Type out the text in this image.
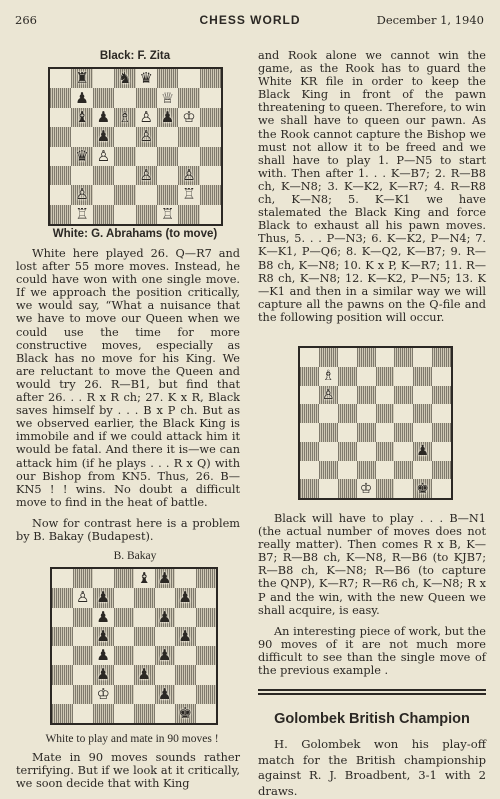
266	CHESS WORLD	December 1, 1940
Black: F. Zita
♜ ♞ ♛
♟	♕
♝ ♟ ♗ ♙ ♟ ♔
♟ ♙
♛ ♙
♙ ♙
♙	♖
♖	♖
White: G. Abrahams (to move)

White here played 26. Q—R7 and lost after 55 more moves. Instead, he could have won with one single move. If we approach the position critically, we would say, “What a nuisance that we have to move our Queen when we could use the time for more constructive moves, especially as Black has no move for his King. We are reluctant to move the Queen and would try 26. R—B1, but find that after 26. . . R x R ch; 27. K x R, Black saves himself by . . . B x P ch. But as we observed earlier, the Black King is immobile and if we could attack him it would be fatal. And there it is—we can attack him (if he plays . . . R x Q) with our Bishop from KN5. Thus, 26. B—KN5 ! ! wins. No doubt a difficult move to find in the heat of battle.

Now for contrast here is a problem by B. Bakay (Budapest).

B. Bakay
♝ ♟
♙ ♟	♟
♟	♟
♟	♟
♟	♟
♟ ♟
♔	♟
♚
White to play and mate in 90 moves !

Mate in 90 moves sounds rather terrifying. But if we look at it critically, we soon decide that with King

and Rook alone we cannot win the game, as the Rook has to guard the White KR file in order to keep the Black King in front of the pawn threatening to queen. Therefore, to win we shall have to queen our pawn. As the Rook cannot capture the Bishop we must not allow it to be freed and we shall have to play 1. P—N5 to start with. Then after 1. . . K—B7; 2. R—B8 ch, K—N8; 3. K—K2, K—R7; 4. R—R8 ch, K—N8; 5. K—K1 we have stalemated the Black King and force Black to exhaust all his pawn moves. Thus, 5. . . P—N3; 6. K—K2, P—N4; 7. K—K1, P—Q6; 8. K—Q2, K—B7; 9. R—B8 ch, K—N8; 10. K x P, K—R7; 11. R—R8 ch, K—N8; 12. K—K2, P—N5; 13. K—K1 and then in a similar way we will capture all the pawns on the Q-file and the following position will occur.

♗
♙
♟
♔	♚

Black will have to play . . . B—N1 (the actual number of moves does not really matter). Then comes R x B, K—B7; R—B8 ch, K—N8, R—B6 (to KJB7; R—B8 ch, K—N8; R—B6 (to capture the QNP), K—R7; R—R6 ch, K—N8; R x P and the win, with the new Queen we shall acquire, is easy.

An interesting piece of work, but the 90 moves of it are not much more difficult to see than the single move of the previous example .

Golombek British Champion

H. Golombek won his play-off match for the British championship against R. J. Broadbent, 3-1 with 2 draws.
